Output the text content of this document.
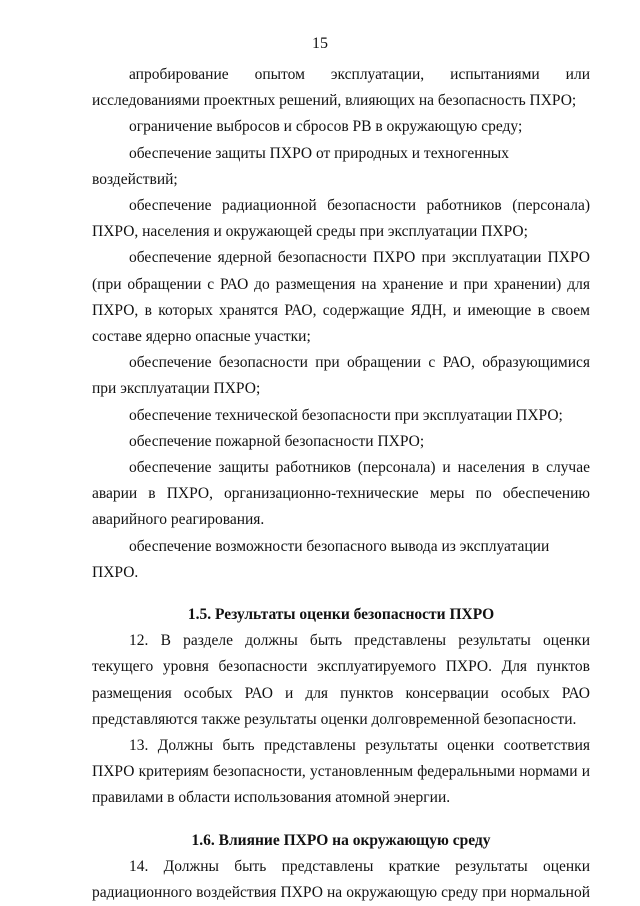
15

апробирование опытом эксплуатации, испытаниями или исследованиями проектных решений, влияющих на безопасность ПХРО;

ограничение выбросов и сбросов РВ в окружающую среду;

обеспечение защиты ПХРО от природных и техногенных воздействий;

обеспечение радиационной безопасности работников (персонала) ПХРО, населения и окружающей среды при эксплуатации ПХРО;

обеспечение ядерной безопасности ПХРО при эксплуатации ПХРО (при обращении с РАО до размещения на хранение и при хранении) для ПХРО, в которых хранятся РАО, содержащие ЯДН, и имеющие в своем составе ядерно опасные участки;

обеспечение безопасности при обращении с РАО, образующимися при эксплуатации ПХРО;

обеспечение технической безопасности при эксплуатации ПХРО;

обеспечение пожарной безопасности ПХРО;

обеспечение защиты работников (персонала) и населения в случае аварии в ПХРО, организационно-технические меры по обеспечению аварийного реагирования.

обеспечение возможности безопасного вывода из эксплуатации ПХРО.

1.5. Результаты оценки безопасности ПХРО

12. В разделе должны быть представлены результаты оценки текущего уровня безопасности эксплуатируемого ПХРО. Для пунктов размещения особых РАО и для пунктов консервации особых РАО представляются также результаты оценки долговременной безопасности.

13. Должны быть представлены результаты оценки соответствия ПХРО критериям безопасности, установленным федеральными нормами и правилами в области использования атомной энергии.

1.6. Влияние ПХРО на окружающую среду

14. Должны быть представлены краткие результаты оценки радиационного воздействия ПХРО на окружающую среду при нормальной
